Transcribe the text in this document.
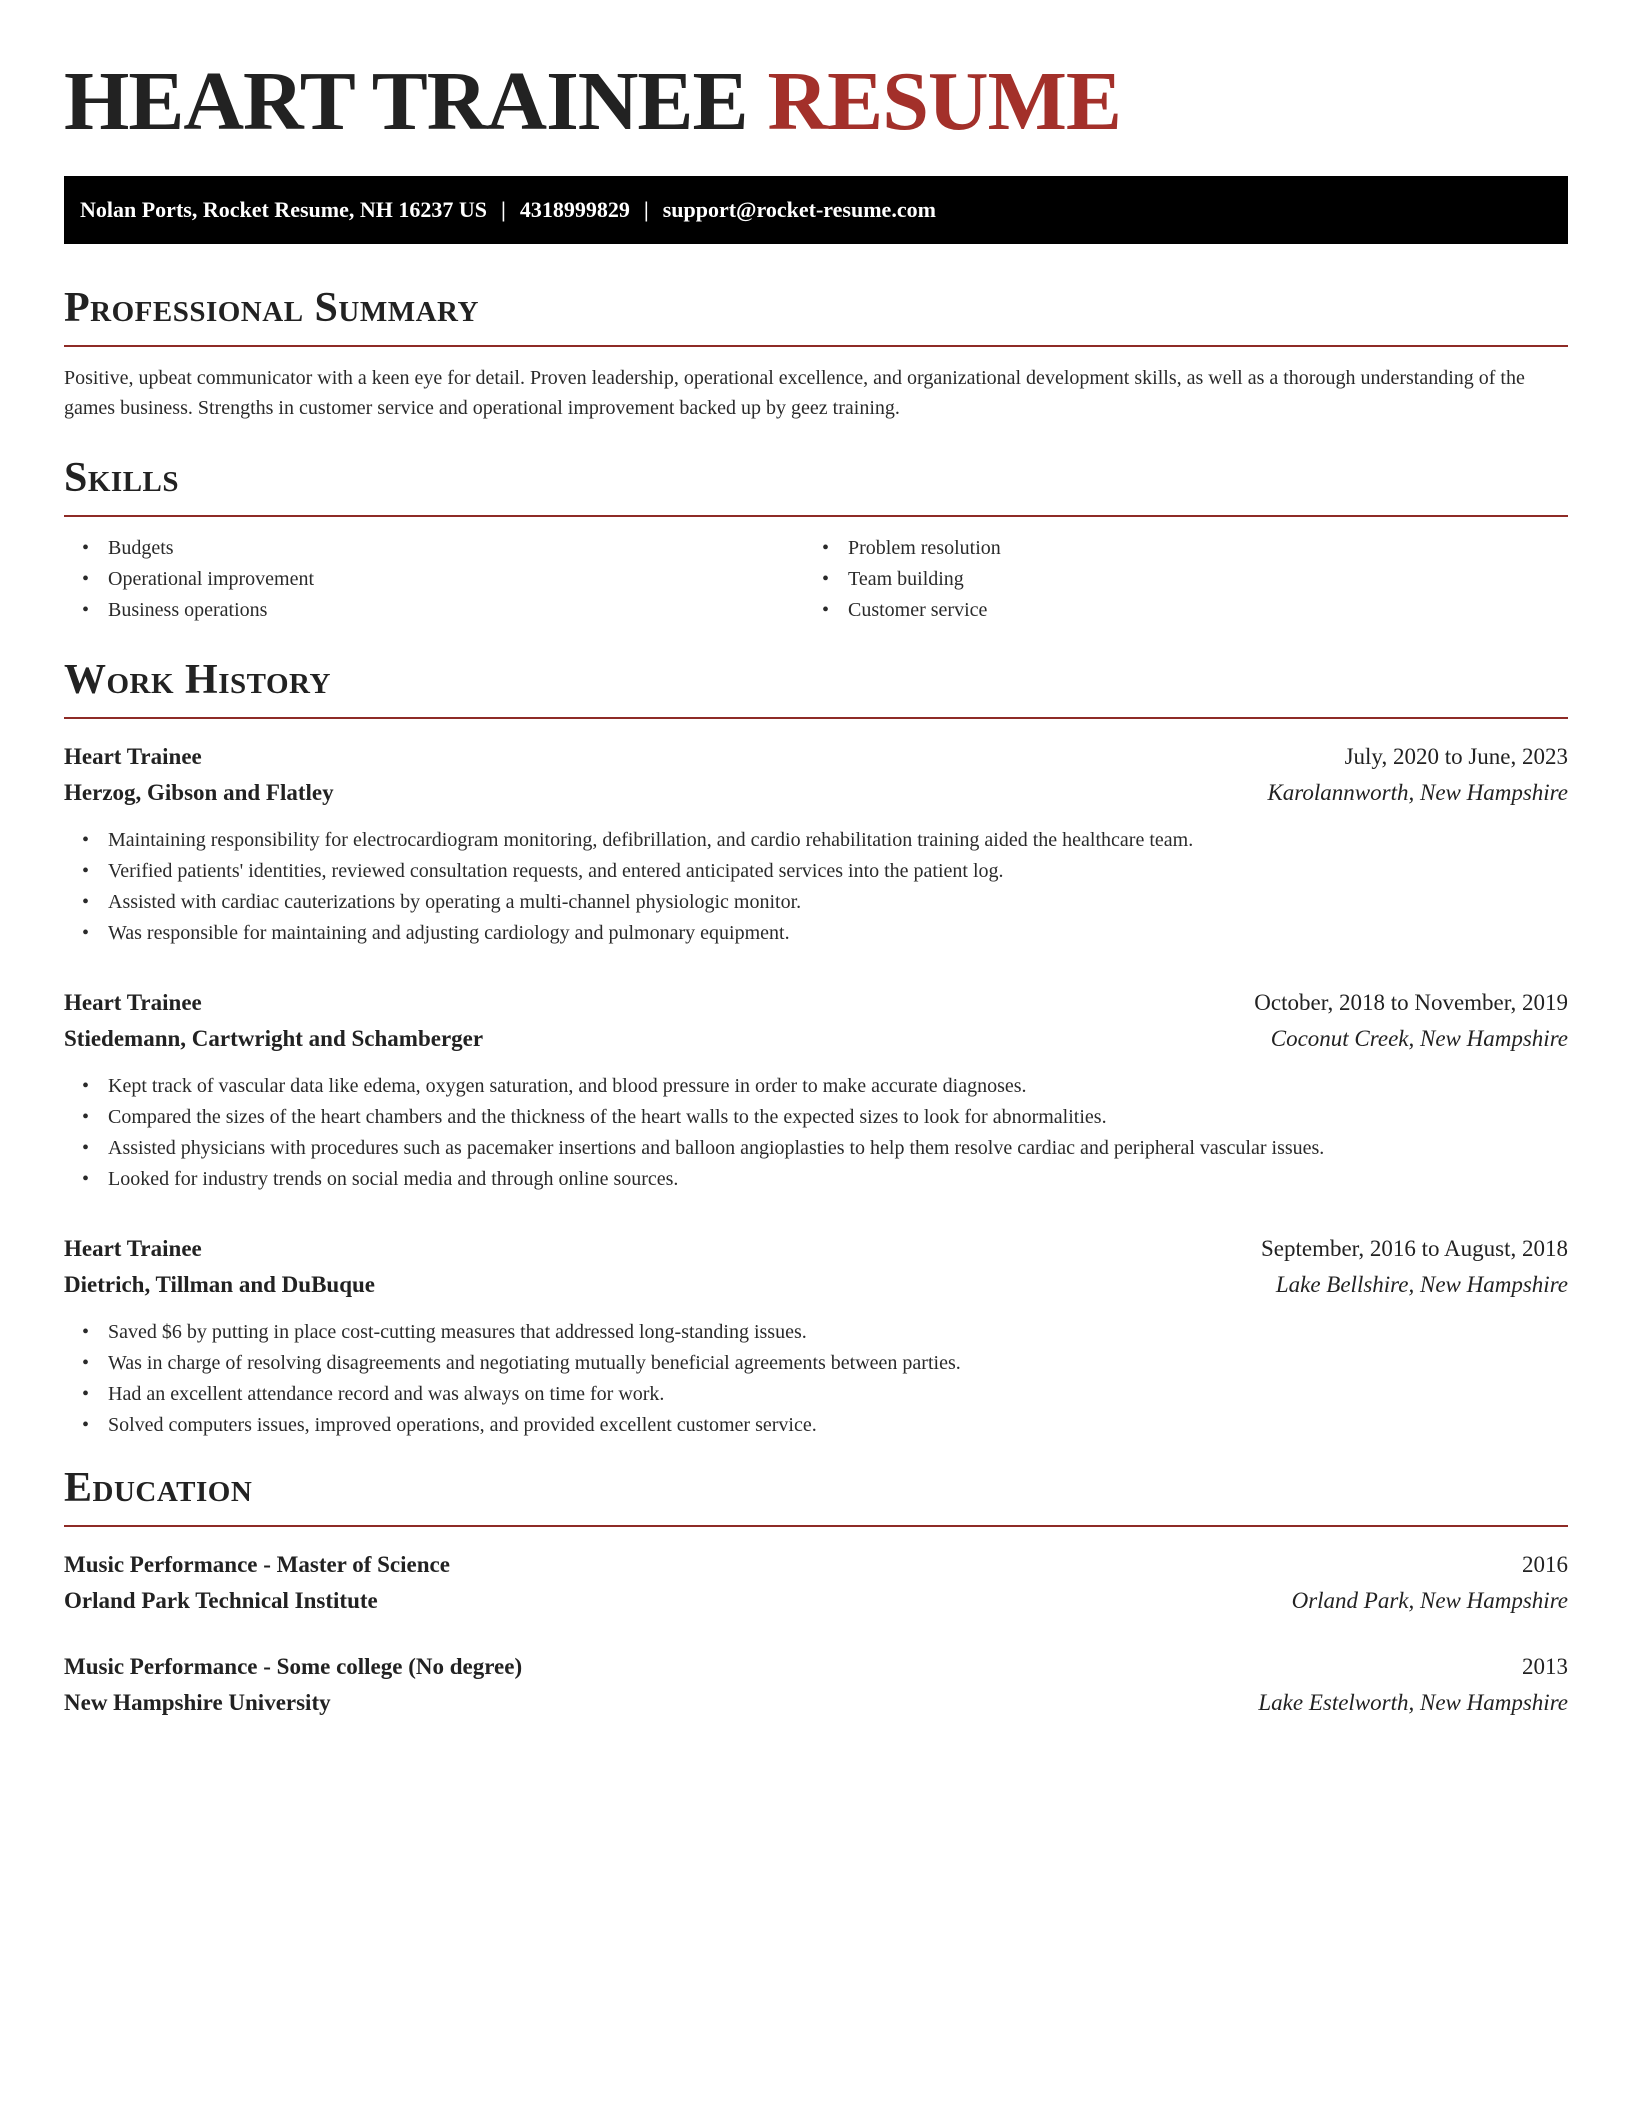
HEART TRAINEE RESUME
Nolan Ports, Rocket Resume, NH 16237 US | 4318999829 | support@rocket-resume.com
Professional Summary
Positive, upbeat communicator with a keen eye for detail. Proven leadership, operational excellence, and organizational development skills, as well as a thorough understanding of the games business. Strengths in customer service and operational improvement backed up by geez training.
Skills
• Budgets
• Operational improvement
• Business operations
• Problem resolution
• Team building
• Customer service
Work History
Heart Trainee	July, 2020 to June, 2023
Herzog, Gibson and Flatley	Karolannworth, New Hampshire
• Maintaining responsibility for electrocardiogram monitoring, defibrillation, and cardio rehabilitation training aided the healthcare team.
• Verified patients' identities, reviewed consultation requests, and entered anticipated services into the patient log.
• Assisted with cardiac cauterizations by operating a multi-channel physiologic monitor.
• Was responsible for maintaining and adjusting cardiology and pulmonary equipment.
Heart Trainee	October, 2018 to November, 2019
Stiedemann, Cartwright and Schamberger	Coconut Creek, New Hampshire
• Kept track of vascular data like edema, oxygen saturation, and blood pressure in order to make accurate diagnoses.
• Compared the sizes of the heart chambers and the thickness of the heart walls to the expected sizes to look for abnormalities.
• Assisted physicians with procedures such as pacemaker insertions and balloon angioplasties to help them resolve cardiac and peripheral vascular issues.
• Looked for industry trends on social media and through online sources.
Heart Trainee	September, 2016 to August, 2018
Dietrich, Tillman and DuBuque	Lake Bellshire, New Hampshire
• Saved $6 by putting in place cost-cutting measures that addressed long-standing issues.
• Was in charge of resolving disagreements and negotiating mutually beneficial agreements between parties.
• Had an excellent attendance record and was always on time for work.
• Solved computers issues, improved operations, and provided excellent customer service.
Education
Music Performance - Master of Science	2016
Orland Park Technical Institute	Orland Park, New Hampshire
Music Performance - Some college (No degree)	2013
New Hampshire University	Lake Estelworth, New Hampshire
